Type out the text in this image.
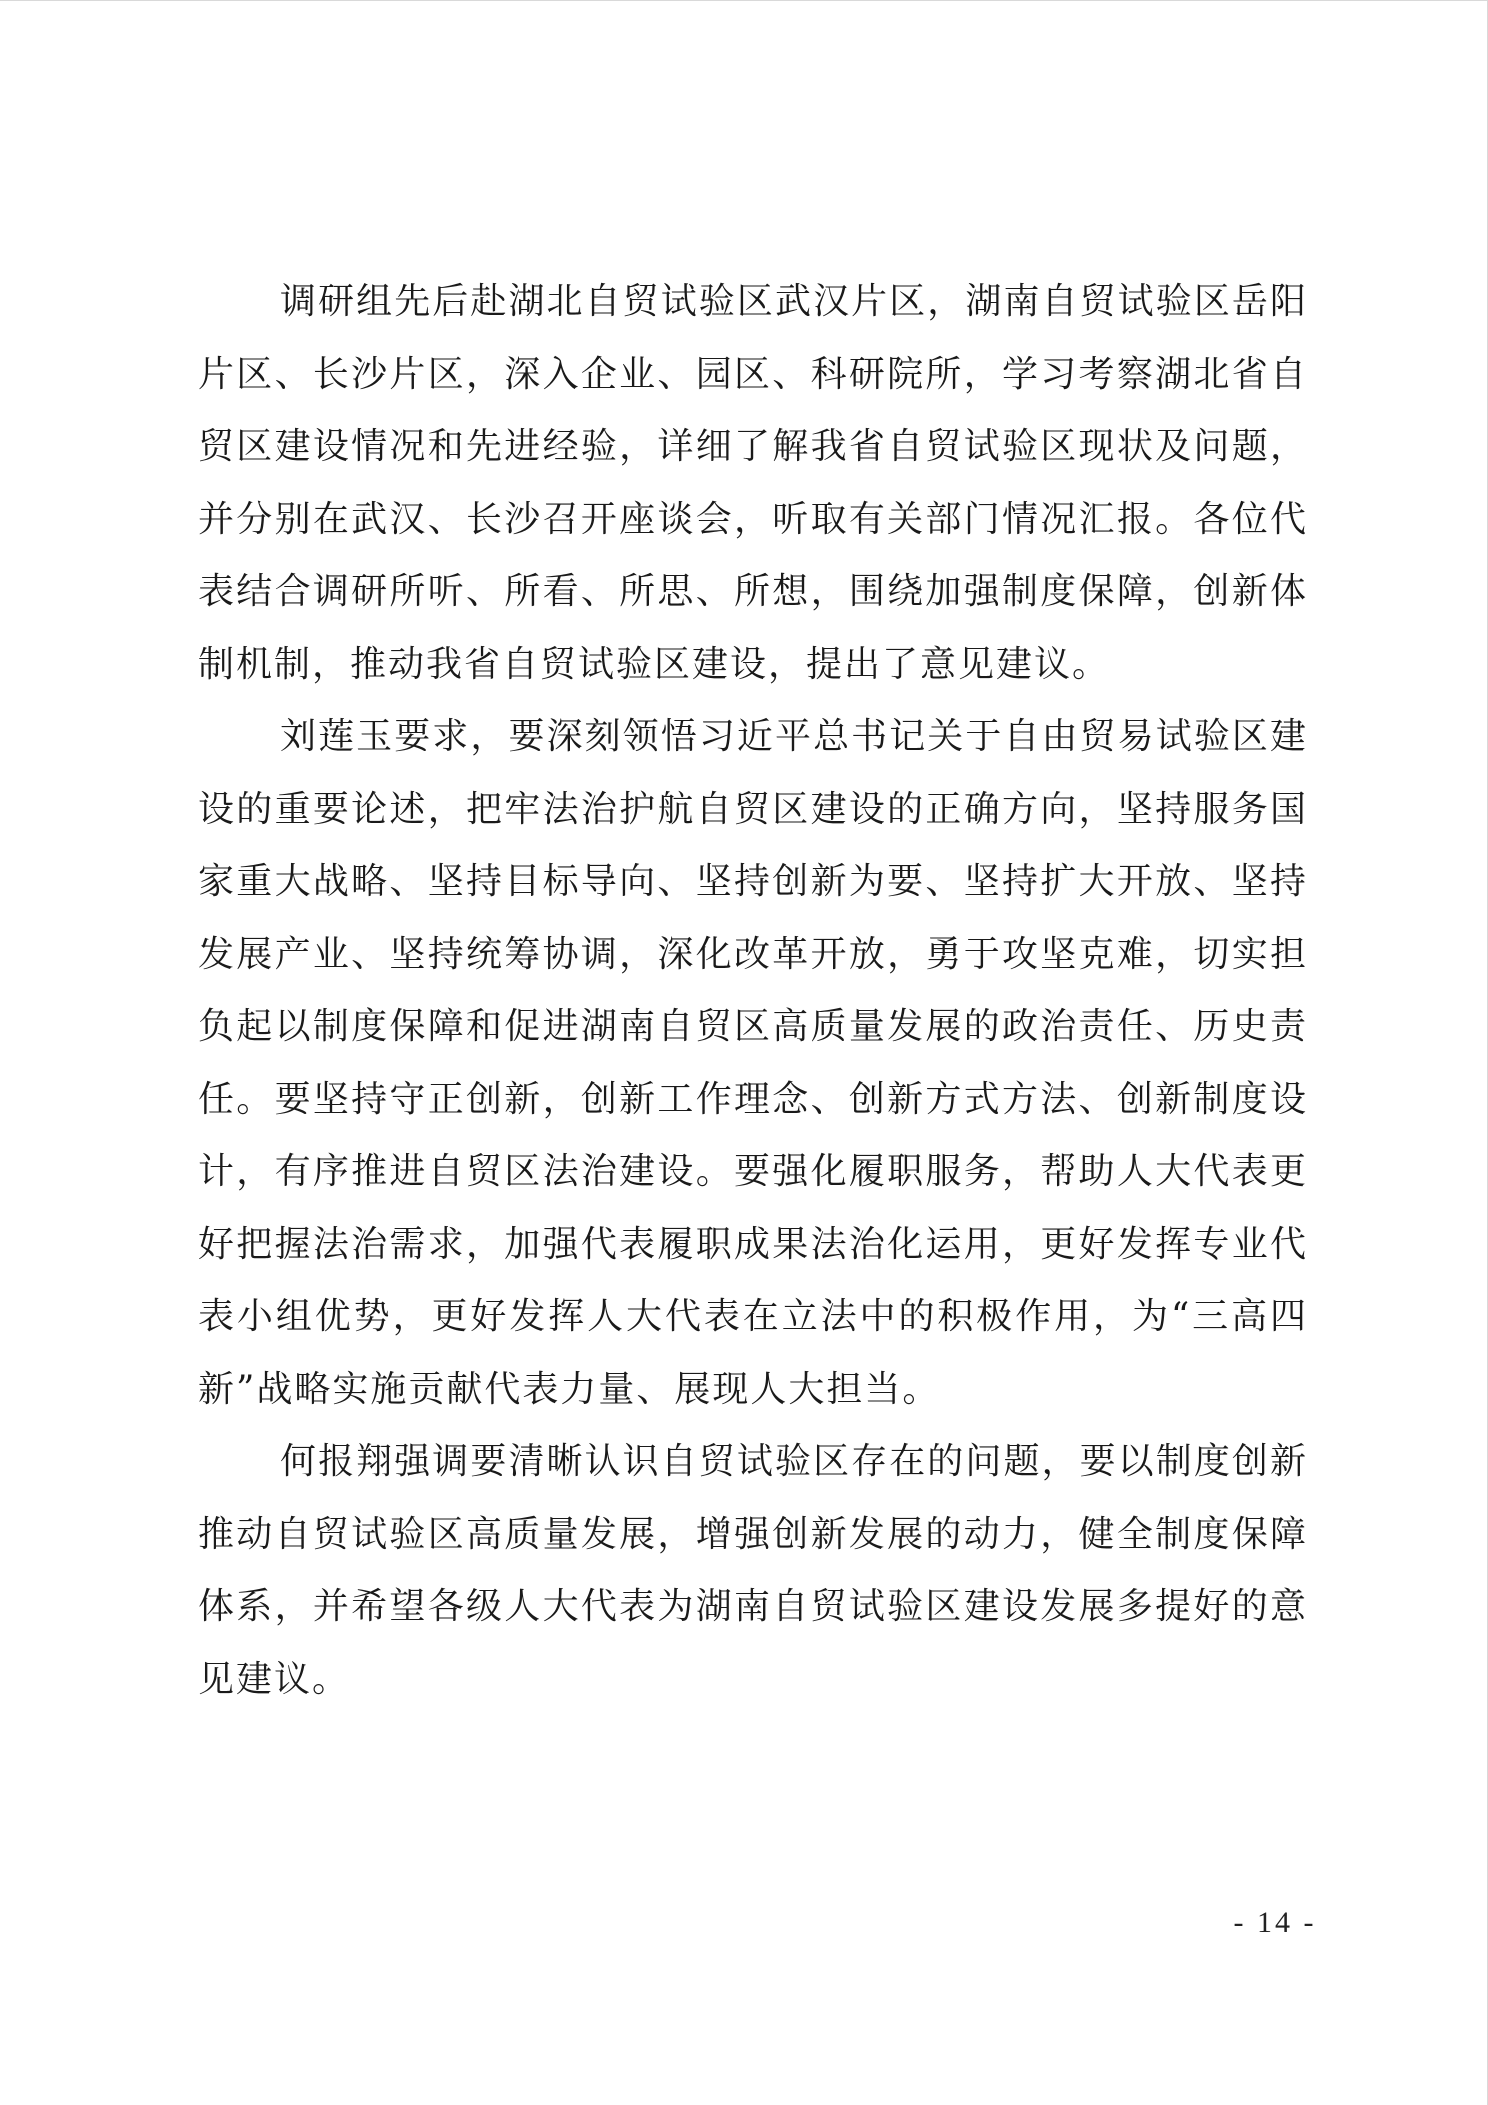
调研组先后赴湖北自贸试验区武汉片区，湖南自贸试验区岳阳片区、长沙片区，深入企业、园区、科研院所，学习考察湖北省自贸区建设情况和先进经验，详细了解我省自贸试验区现状及问题，并分别在武汉、长沙召开座谈会，听取有关部门情况汇报。各位代表结合调研所听、所看、所思、所想，围绕加强制度保障，创新体制机制，推动我省自贸试验区建设，提出了意见建议。

刘莲玉要求，要深刻领悟习近平总书记关于自由贸易试验区建设的重要论述，把牢法治护航自贸区建设的正确方向，坚持服务国家重大战略、坚持目标导向、坚持创新为要、坚持扩大开放、坚持发展产业、坚持统筹协调，深化改革开放，勇于攻坚克难，切实担负起以制度保障和促进湖南自贸区高质量发展的政治责任、历史责任。要坚持守正创新，创新工作理念、创新方式方法、创新制度设计，有序推进自贸区法治建设。要强化履职服务，帮助人大代表更好把握法治需求，加强代表履职成果法治化运用，更好发挥专业代表小组优势，更好发挥人大代表在立法中的积极作用，为“三高四新”战略实施贡献代表力量、展现人大担当。

何报翔强调要清晰认识自贸试验区存在的问题，要以制度创新推动自贸试验区高质量发展，增强创新发展的动力，健全制度保障体系，并希望各级人大代表为湖南自贸试验区建设发展多提好的意见建议。

- 14 -
